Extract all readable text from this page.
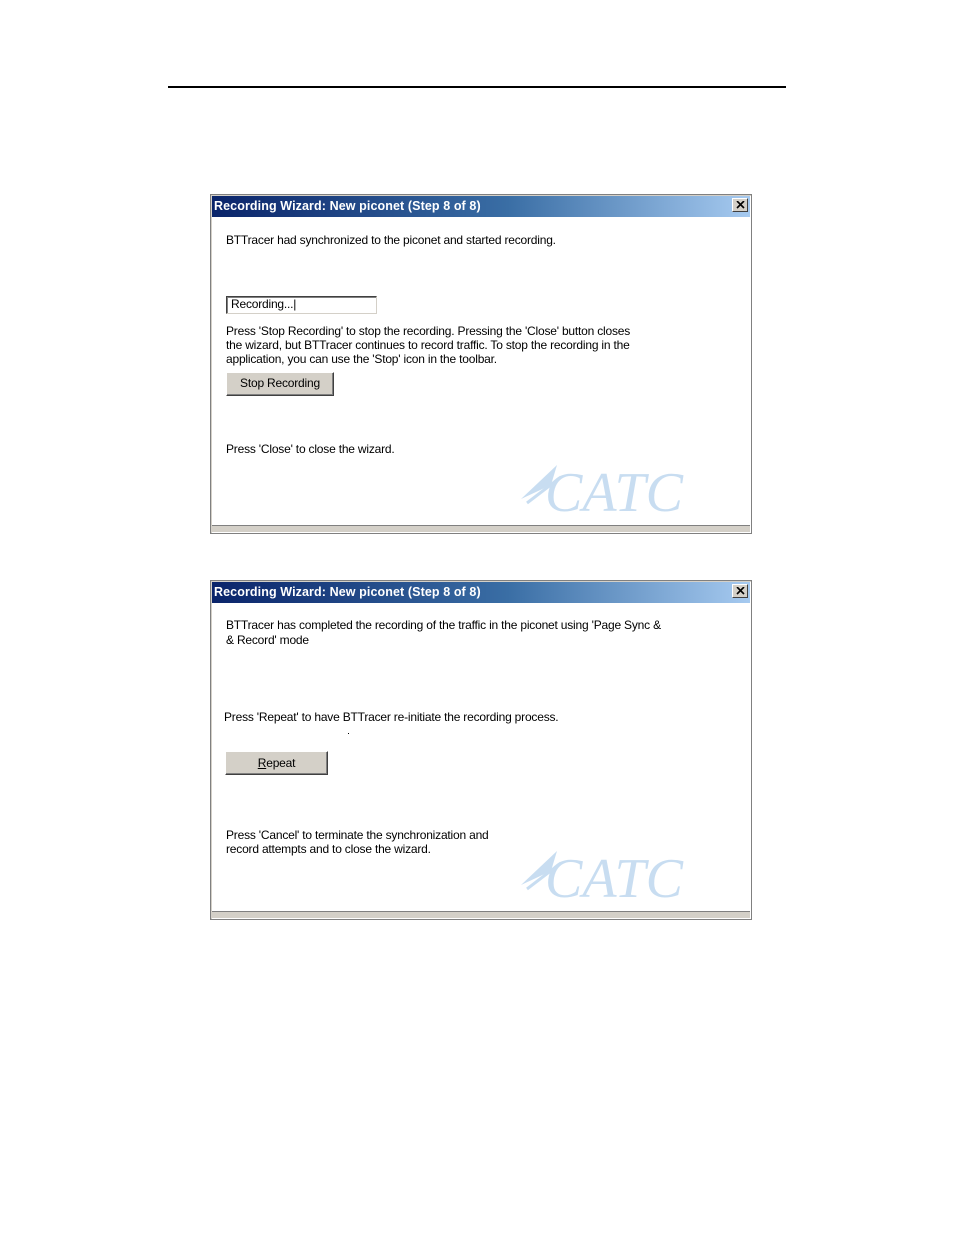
Recording Wizard: New piconet (Step 8 of 8)
BTTracer had synchronized to the piconet and started recording.
Recording...|
Press 'Stop Recording' to stop the recording. Pressing the 'Close' button closes
the wizard, but BTTracer continues to record traffic. To stop the recording in the
application, you can use the 'Stop' icon in the toolbar.
Stop Recording
Press 'Close' to close the wizard.
CATC
Recording Wizard: New piconet (Step 8 of 8)
BTTracer has completed the recording of the traffic in the piconet using 'Page Sync &
& Record' mode
Press 'Repeat' to have BTTracer re-initiate the recording process.
Repeat
Press 'Cancel' to terminate the synchronization and
record attempts and to close the wizard. CATC
